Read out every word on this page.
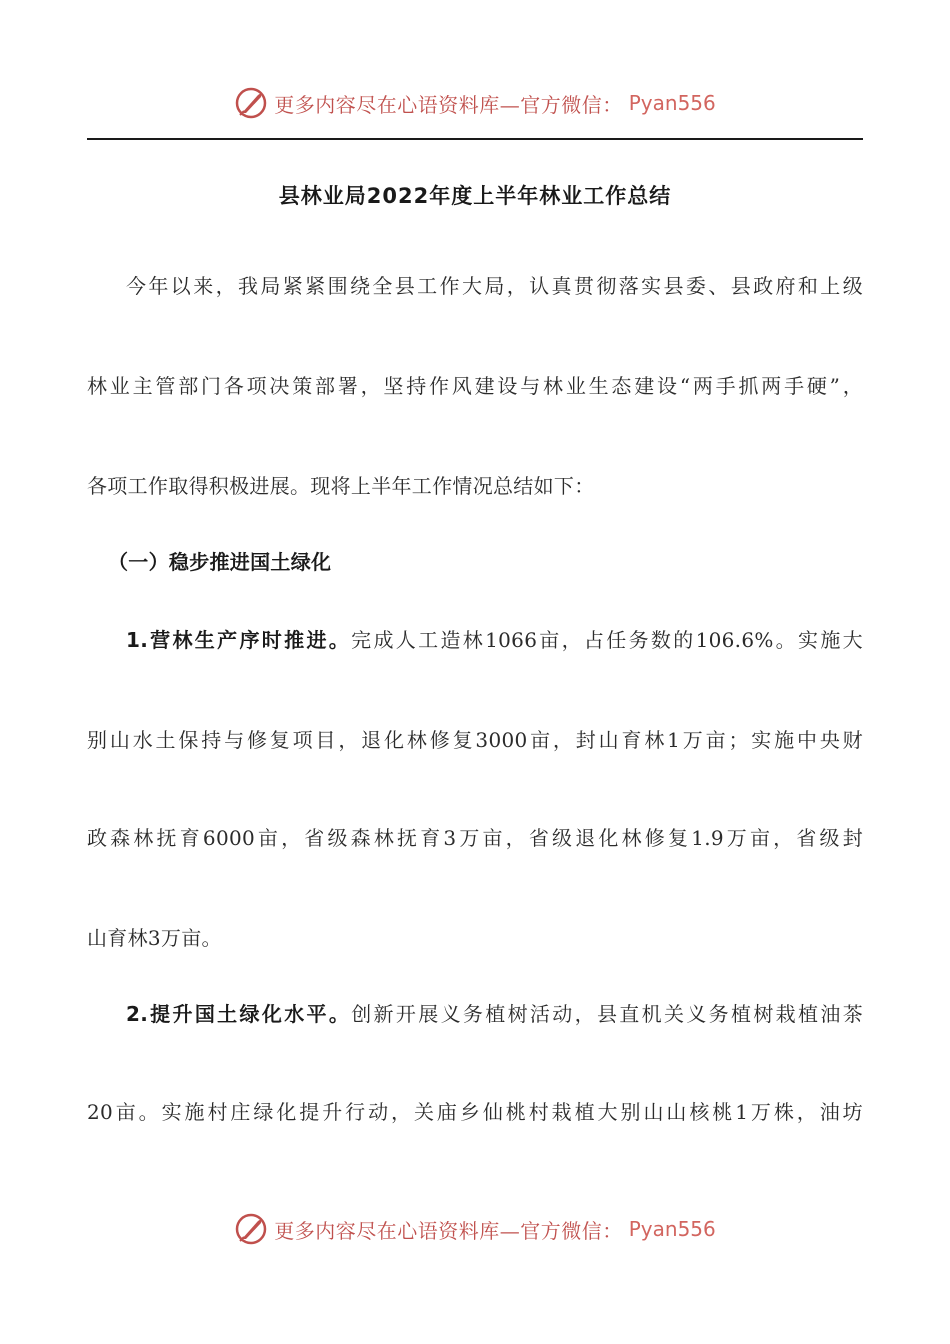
更多内容尽在心语资料库—官方微信： Pyan556
县林业局2022年度上半年林业工作总结
今年以来，我局紧紧围绕全县工作大局，认真贯彻落实县委、县政府和上级
林业主管部门各项决策部署，坚持作风建设与林业生态建设“两手抓两手硬”，
各项工作取得积极进展。现将上半年工作情况总结如下：
（一）稳步推进国土绿化
1.营林生产序时推进。完成人工造林1066亩，占任务数的106.6%。实施大
别山水土保持与修复项目，退化林修复3000亩，封山育林1万亩；实施中央财
政森林抚育6000亩，省级森林抚育3万亩，省级退化林修复1.9万亩，省级封
山育林3万亩。
2.提升国土绿化水平。创新开展义务植树活动，县直机关义务植树栽植油茶
20亩。实施村庄绿化提升行动，关庙乡仙桃村栽植大别山山核桃1万株，油坊
更多内容尽在心语资料库—官方微信： Pyan556
